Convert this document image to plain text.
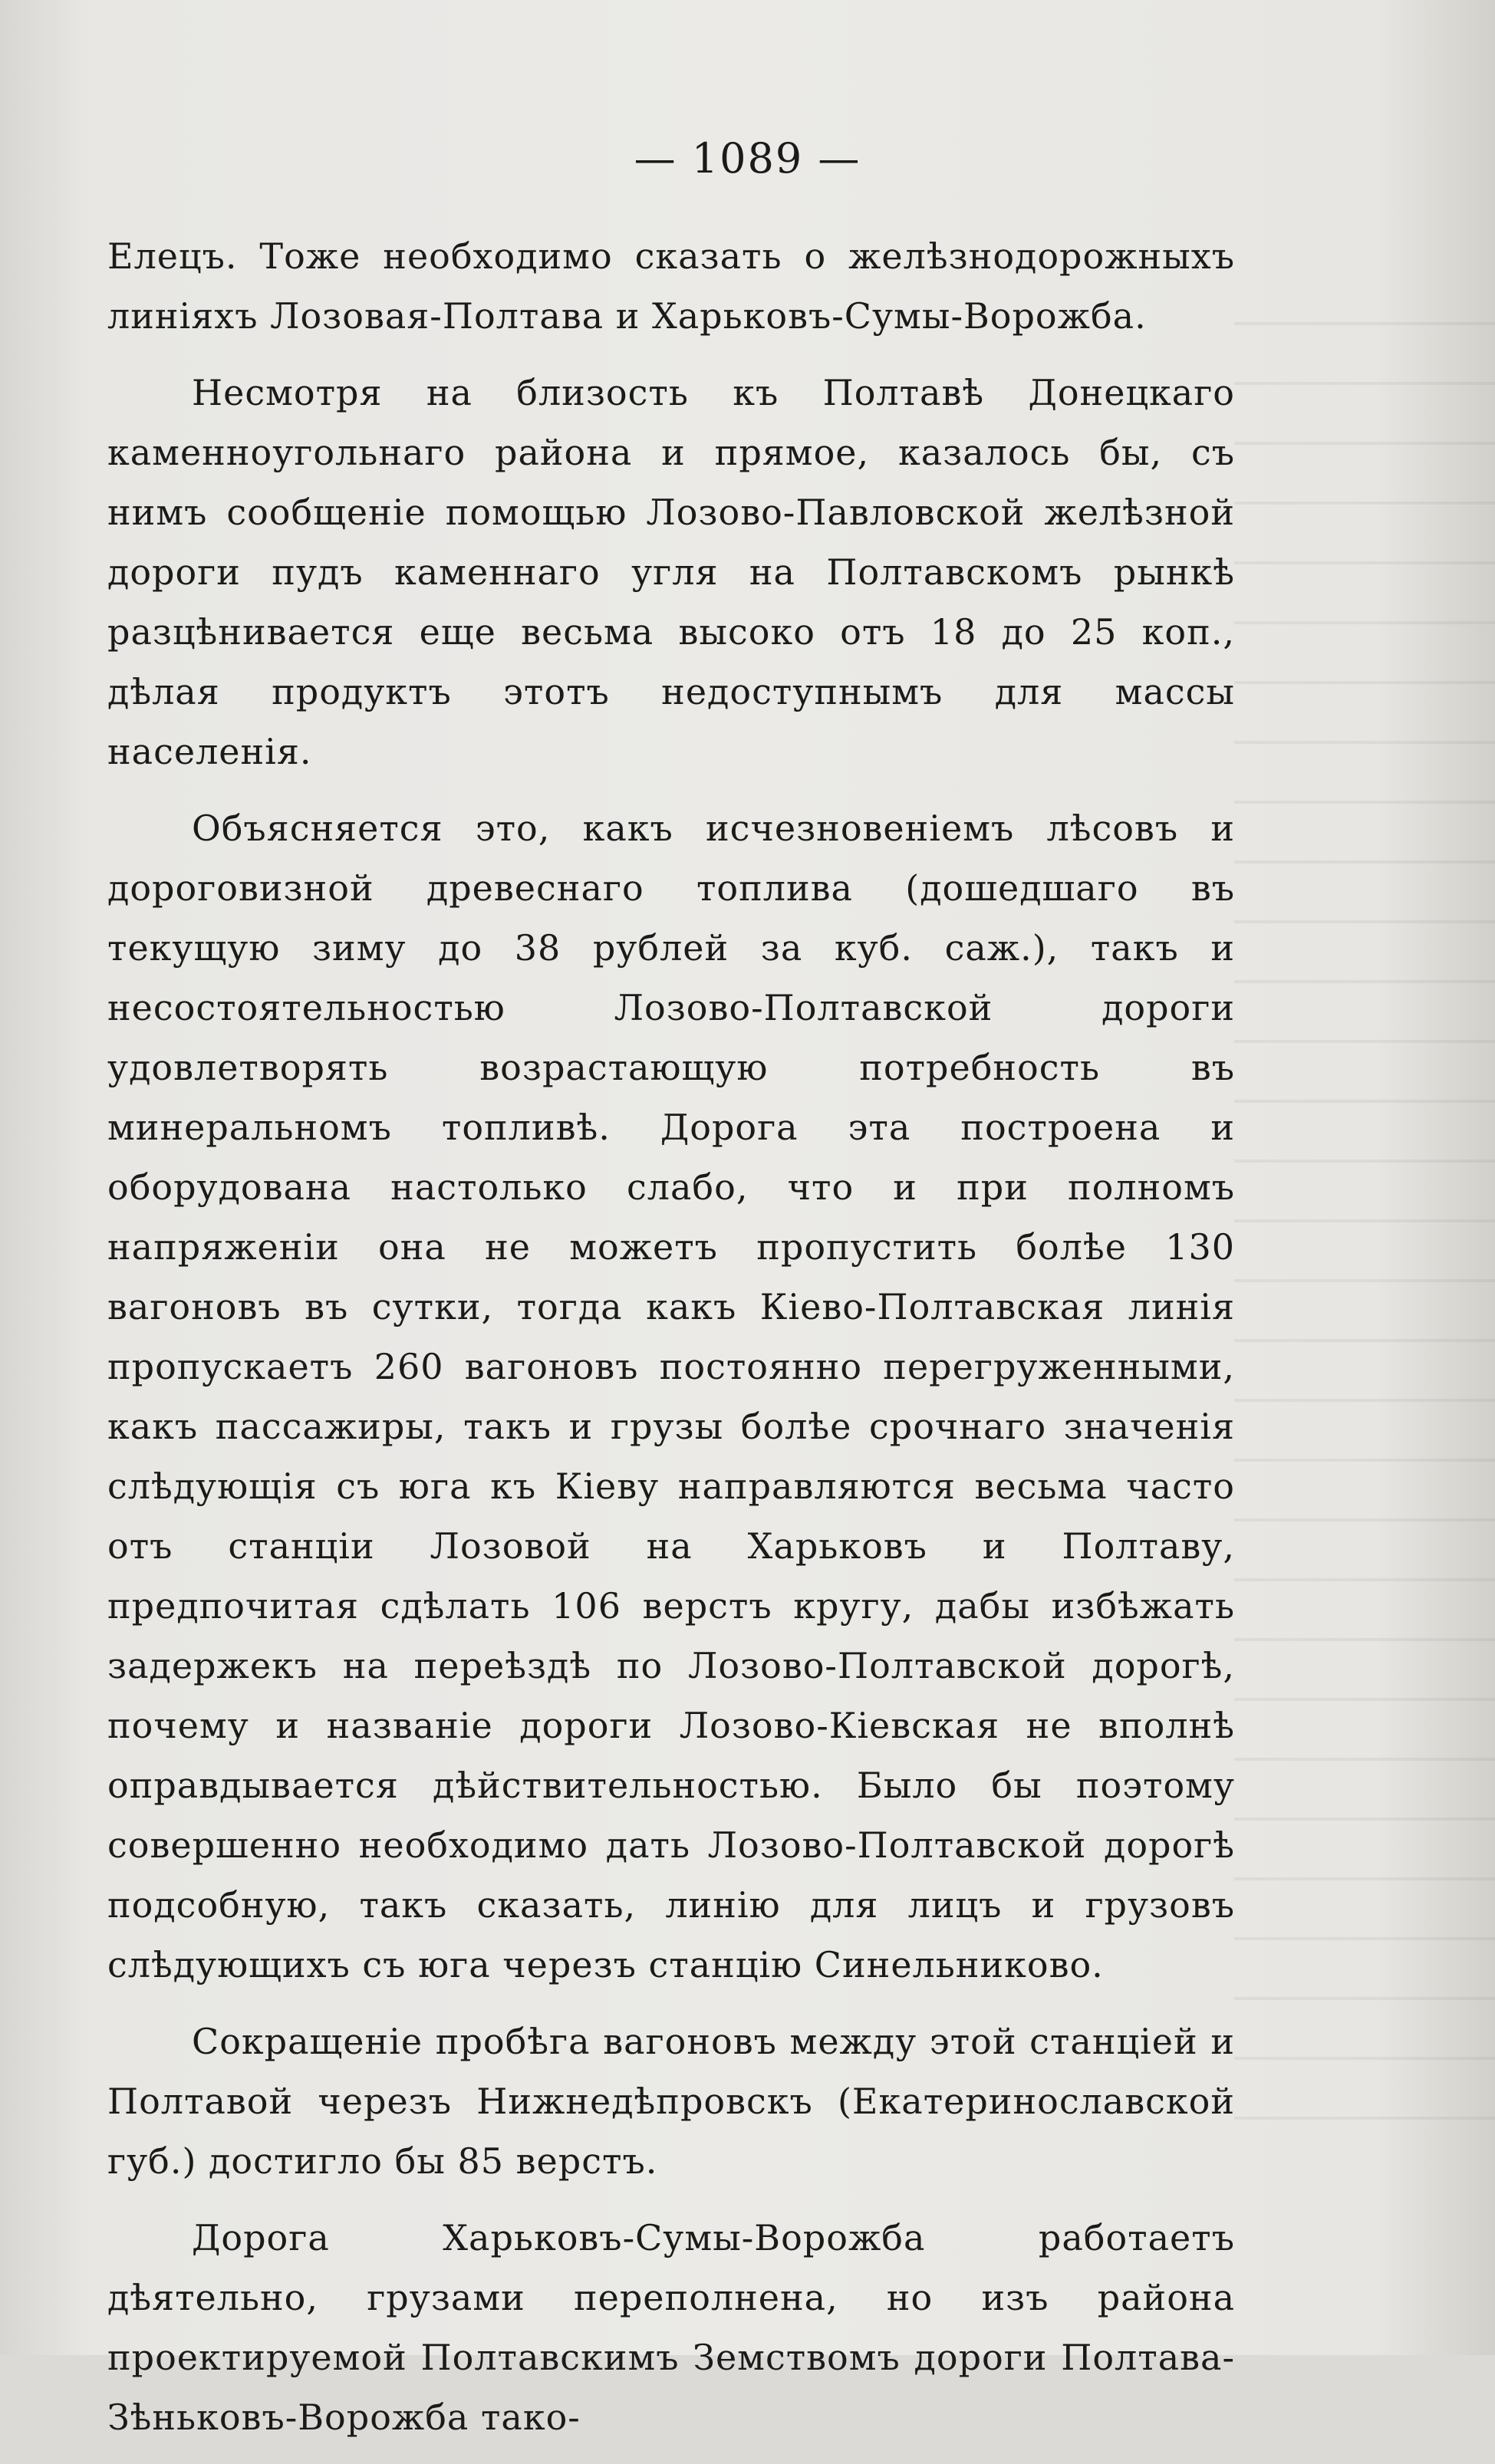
— 1089 —

Елецъ. Тоже необходимо сказать о желѣзнодорожныхъ линiяхъ Лозовая-Полтава и Харьковъ-Сумы-Ворожба.

Несмотря на близость къ Полтавѣ Донецкаго каменноугольнаго района и прямое, казалось бы, съ нимъ сообщенiе помощью Лозово-Павловской желѣзной дороги пудъ каменнаго угля на Полтавскомъ рынкѣ разцѣнивается еще весьма высоко отъ 18 до 25 коп., дѣлая продуктъ этотъ недоступнымъ для массы населенiя.

Объясняется это, какъ исчезновенiемъ лѣсовъ и дороговизной древеснаго топлива (дошедшаго въ текущую зиму до 38 рублей за куб. саж.), такъ и несостоятельностью Лозово-Полтавской дороги удовлетворять возрастающую потребность въ минеральномъ топливѣ. Дорога эта построена и оборудована настолько слабо, что и при полномъ напряженiи она не можетъ пропустить болѣе 130 вагоновъ въ сутки, тогда какъ Кiево-Полтавская линiя пропускаетъ 260 вагоновъ постоянно перегруженными, какъ пассажиры, такъ и грузы болѣе срочнаго значенiя слѣдующiя съ юга къ Кiеву направляются весьма часто отъ станцiи Лозовой на Харьковъ и Полтаву, предпочитая сдѣлать 106 верстъ кругу, дабы избѣжать задержекъ на переѣздѣ по Лозово-Полтавской дорогѣ, почему и названiе дороги Лозово-Кiевская не вполнѣ оправдывается дѣйствительностью. Было бы поэтому совершенно необходимо дать Лозово-Полтавской дорогѣ подсобную, такъ сказать, линiю для лицъ и грузовъ слѣдующихъ съ юга черезъ станцiю Синельниково.

Сокращенiе пробѣга вагоновъ между этой станцiей и Полтавой черезъ Нижнедѣпровскъ (Екатеринославской губ.) достигло бы 85 верстъ.

Дорога Харьковъ-Сумы-Ворожба работаетъ дѣятельно, грузами переполнена, но изъ района проектируемой Полтавскимъ Земствомъ дороги Полтава-Зѣньковъ-Ворожба тако-
